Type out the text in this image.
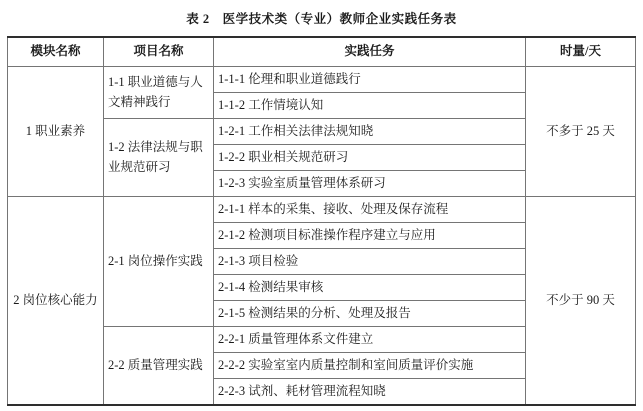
表 2　医学技术类（专业）教师企业实践任务表
模块名称	项目名称	实践任务	时量/天
1 职业素养	1-1 职业道德与人文精神践行	1-1-1 伦理和职业道德践行	不多于 25 天
		1-1-2 工作情境认知	
	1-2 法律法规与职业规范研习	1-2-1 工作相关法律法规知晓	
		1-2-2 职业相关规范研习	
		1-2-3 实验室质量管理体系研习	
2 岗位核心能力	2-1 岗位操作实践	2-1-1 样本的采集、接收、处理及保存流程	不少于 90 天
		2-1-2 检测项目标准操作程序建立与应用	
		2-1-3 项目检验	
		2-1-4 检测结果审核	
		2-1-5 检测结果的分析、处理及报告	
	2-2 质量管理实践	2-2-1 质量管理体系文件建立	
		2-2-2 实验室室内质量控制和室间质量评价实施	
		2-2-3 试剂、耗材管理流程知晓	
